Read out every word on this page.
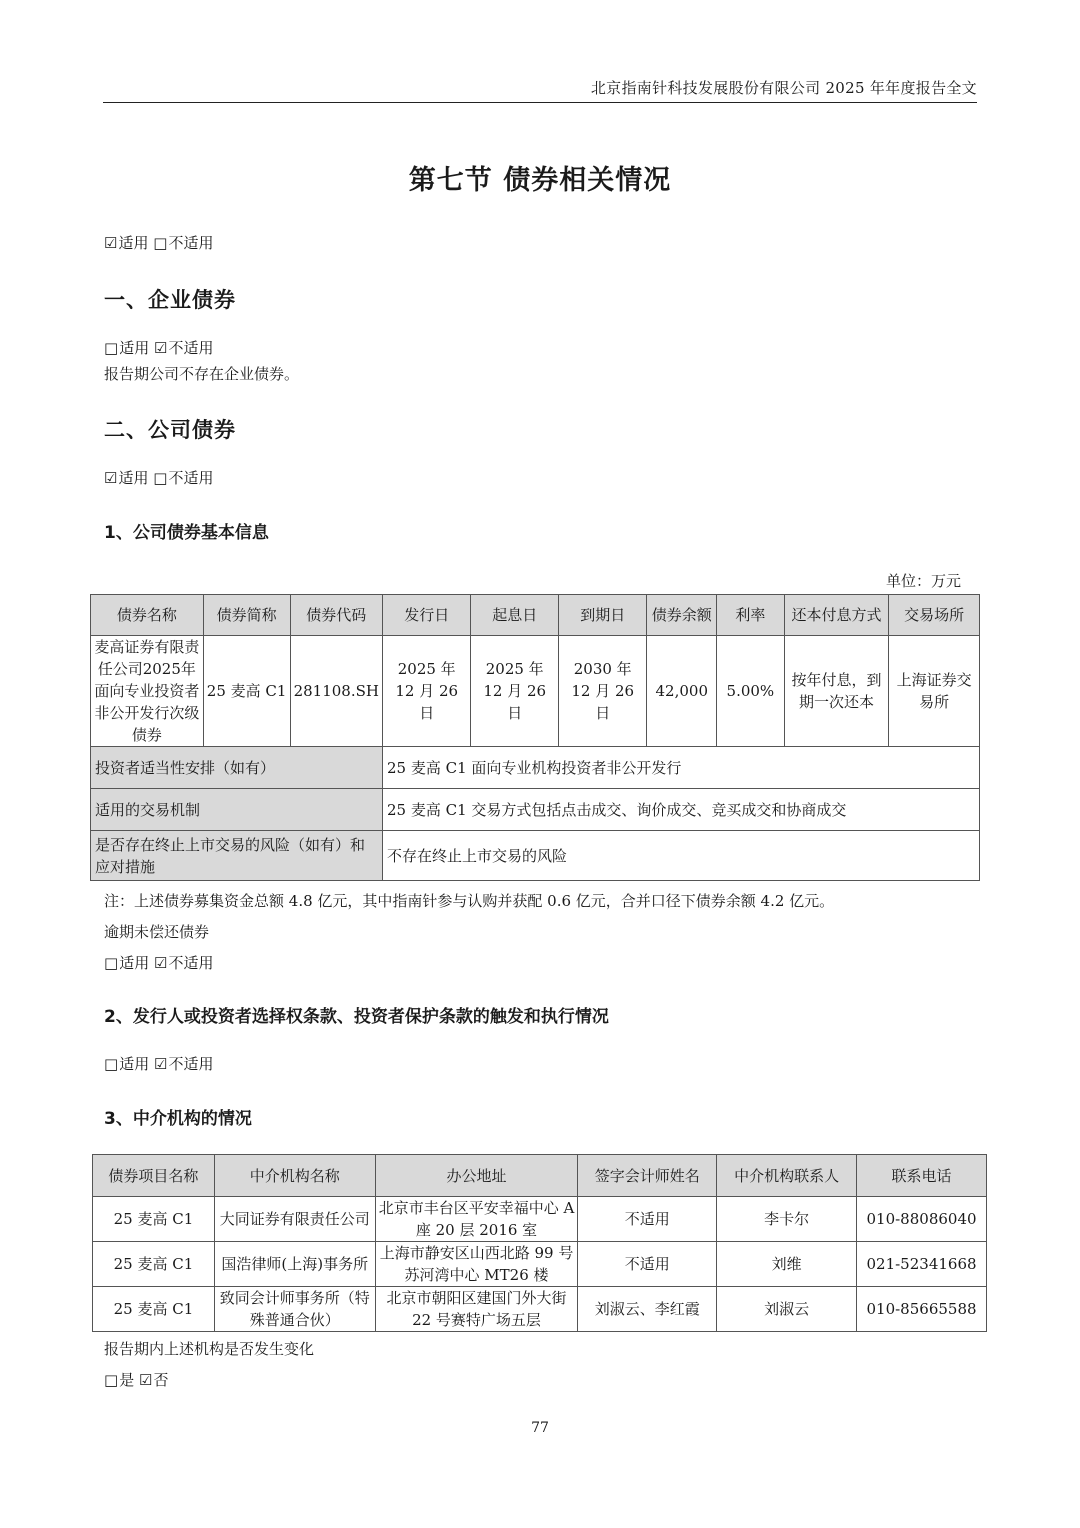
北京指南针科技发展股份有限公司 2025 年年度报告全文
第七节 债券相关情况
☑适用 □不适用
一、企业债券
□适用 ☑不适用
报告期公司不存在企业债券。
二、公司债券
☑适用 □不适用
1、公司债券基本信息
单位：万元
债券名称	债券简称	债券代码	发行日	起息日	到期日	债券余额	利率	还本付息方式	交易场所
麦高证券有限责任公司2025年面向专业投资者非公开发行次级债券	25 麦高 C1	281108.SH	2025 年 12 月 26 日	2025 年 12 月 26 日	2030 年 12 月 26 日	42,000	5.00%	按年付息，到期一次还本	上海证券交易所
投资者适当性安排（如有）			25 麦高 C1 面向专业机构投资者非公开发行						
适用的交易机制			25 麦高 C1 交易方式包括点击成交、询价成交、竞买成交和协商成交						
是否存在终止上市交易的风险（如有）和应对措施			不存在终止上市交易的风险						
注：上述债券募集资金总额 4.8 亿元，其中指南针参与认购并获配 0.6 亿元，合并口径下债券余额 4.2 亿元。
逾期未偿还债券
□适用 ☑不适用
2、发行人或投资者选择权条款、投资者保护条款的触发和执行情况
□适用 ☑不适用
3、中介机构的情况
债券项目名称	中介机构名称	办公地址	签字会计师姓名	中介机构联系人	联系电话
25 麦高 C1	大同证券有限责任公司	北京市丰台区平安幸福中心 A 座 20 层 2016 室	不适用	李卡尔	010-88086040
25 麦高 C1	国浩律师(上海)事务所	上海市静安区山西北路 99 号苏河湾中心 MT26 楼	不适用	刘维	021-52341668
25 麦高 C1	致同会计师事务所（特殊普通合伙）	北京市朝阳区建国门外大街 22 号赛特广场五层	刘淑云、李红霞	刘淑云	010-85665588
报告期内上述机构是否发生变化
□是 ☑否
77
